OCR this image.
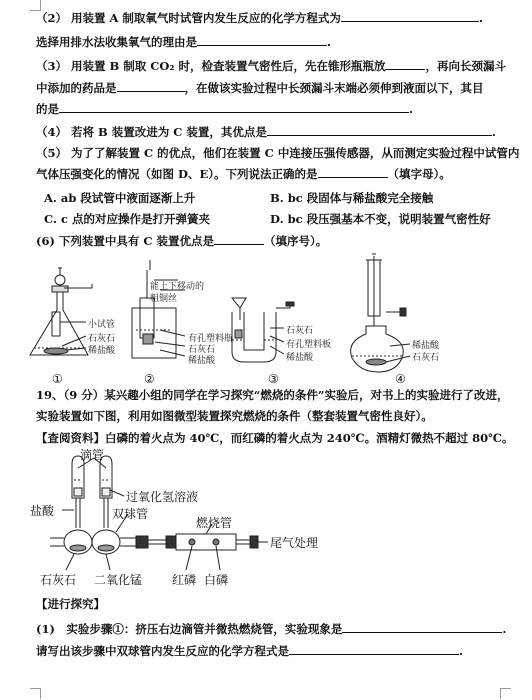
（2） 用装置 A 制取氧气时试管内发生反应的化学方程式为	.
选择用排水法收集氧气的理由是	.
（3） 用装置 B 制取 CO₂ 时，检查装置气密性后，先在锥形瓶瓶放	，再向长颈漏斗
中添加的药品是	，在做该实验过程中长颈漏斗末端必须伸到液面以下，其目
的是	.
（4） 若将 B 装置改进为 C 装置，其优点是	.
（5） 为了了解装置 C 的优点，他们在装置 C 中连接压强传感器，从而测定实验过程中试管内
气体压强变化的情况（如图 D、E）。下列说法正确的是	（填字母）。
A. ab 段试管中液面逐渐上升	B. bc 段固体与稀盐酸完全接触
C. c 点的对应操作是打开弹簧夹	D. bc 段压强基本不变，说明装置气密性好
(6) 下列装置中具有 C 装置优点是	（填序号）。
小试管
石灰石
稀盐酸
能上下移动的
粗铜丝
有孔塑料瓶
石灰石
稀盐酸
石灰石
有孔塑料板
稀盐酸
稀盐酸
石灰石
①	②	③	④
19、（9 分）某兴趣小组的同学在学习探究“燃烧的条件”实验后，对书上的实验进行了改进，
实验装置如下图，利用如图微型装置探究燃烧的条件（整套装置气密性良好）。
【查阅资料】白磷的着火点为 40℃，而红磷的着火点为 240℃。酒精灯微热不超过 80℃。
滴管
盐酸
过氧化氢溶液
双球管
燃烧管
尾气处理
石灰石 二氧化锰 红磷 白磷
【进行探究】
(1)　实验步骤①：挤压右边滴管并微热燃烧管，实验现象是	.
请写出该步骤中双球管内发生反应的化学方程式是	.
